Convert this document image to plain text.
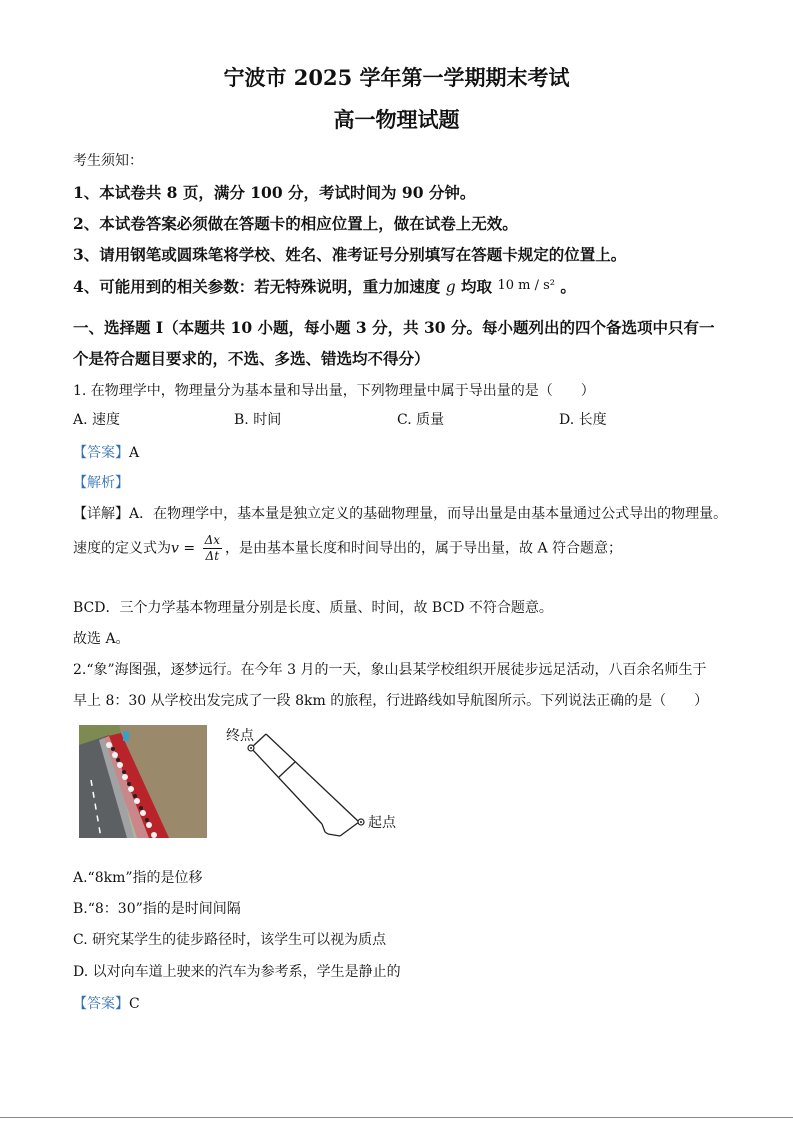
宁波市 2025 学年第一学期期末考试
高一物理试题
考生须知：
1、本试卷共 8 页，满分 100 分，考试时间为 90 分钟。
2、本试卷答案必须做在答题卡的相应位置上，做在试卷上无效。
3、请用钢笔或圆珠笔将学校、姓名、准考证号分别填写在答题卡规定的位置上。
4、可能用到的相关参数：若无特殊说明，重力加速度 g 均取 10 m / s² 。
一、选择题 I（本题共 10 小题，每小题 3 分，共 30 分。每小题列出的四个备选项中只有一
个是符合题目要求的，不选、多选、错选均不得分）
1. 在物理学中，物理量分为基本量和导出量，下列物理量中属于导出量的是（　　）
A. 速度	B. 时间	C. 质量	D. 长度
【答案】A
【解析】
【详解】A．在物理学中，基本量是独立定义的基础物理量，而导出量是由基本量通过公式导出的物理量。
速度的定义式为$v = \frac{\Delta x}{\Delta t}$ ，是由基本量长度和时间导出的，属于导出量，故 A 符合题意；
BCD．三个力学基本物理量分别是长度、质量、时间，故 BCD 不符合题意。
故选 A。
2.“象”海图强，逐梦远行。在今年 3 月的一天，象山县某学校组织开展徒步远足活动，八百余名师生于
早上 8：30 从学校出发完成了一段 8km 的旅程，行进路线如导航图所示。下列说法正确的是（　　）
终点
起点
A.“8km”指的是位移
B.“8：30”指的是时间间隔
C. 研究某学生的徒步路径时，该学生可以视为质点
D. 以对向车道上驶来的汽车为参考系，学生是静止的
【答案】C
